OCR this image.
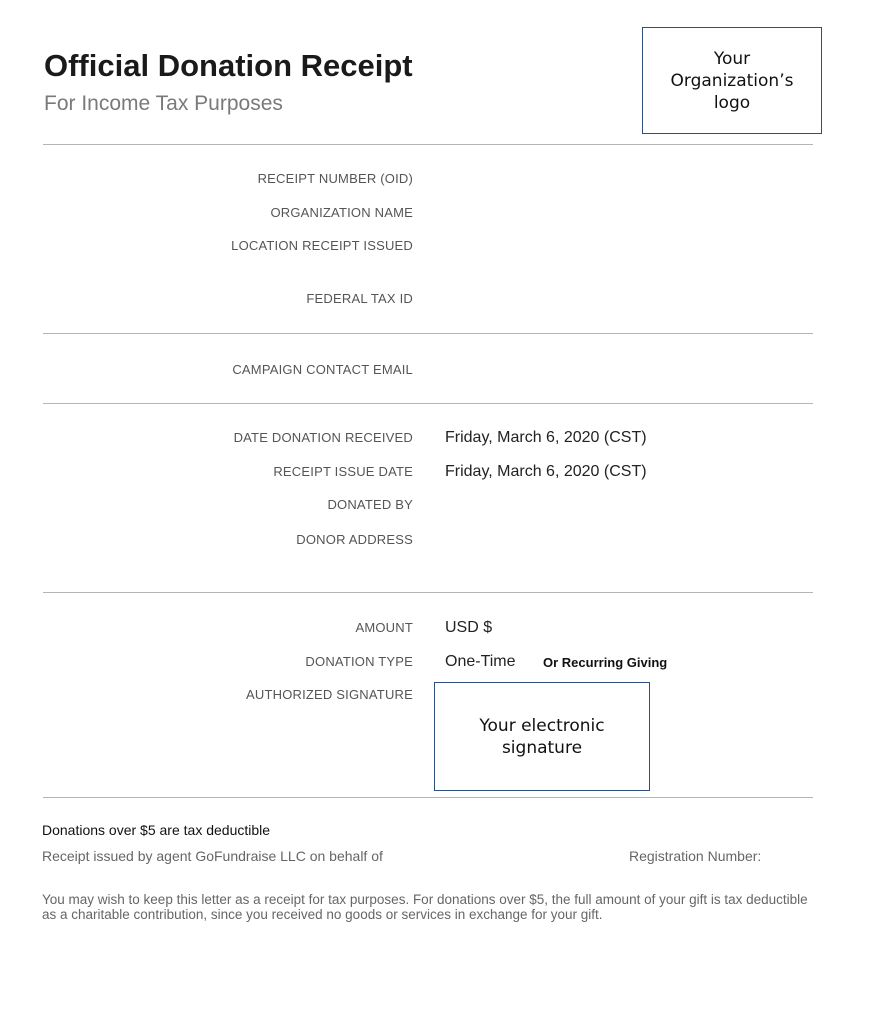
Official Donation Receipt
For Income Tax Purposes
Your Organization’s logo
RECEIPT NUMBER (OID)
ORGANIZATION NAME
LOCATION RECEIPT ISSUED
FEDERAL TAX ID
CAMPAIGN CONTACT EMAIL
DATE DONATION RECEIVED Friday, March 6, 2020 (CST)
RECEIPT ISSUE DATE Friday, March 6, 2020 (CST)
DONATED BY
DONOR ADDRESS
AMOUNT USD $
DONATION TYPE One-Time Or Recurring Giving
AUTHORIZED SIGNATURE
Your electronic signature
Donations over $5 are tax deductible
Receipt issued by agent GoFundraise LLC on behalf of	Registration Number:
You may wish to keep this letter as a receipt for tax purposes. For donations over $5, the full amount of your gift is tax deductible as a charitable contribution, since you received no goods or services in exchange for your gift.
